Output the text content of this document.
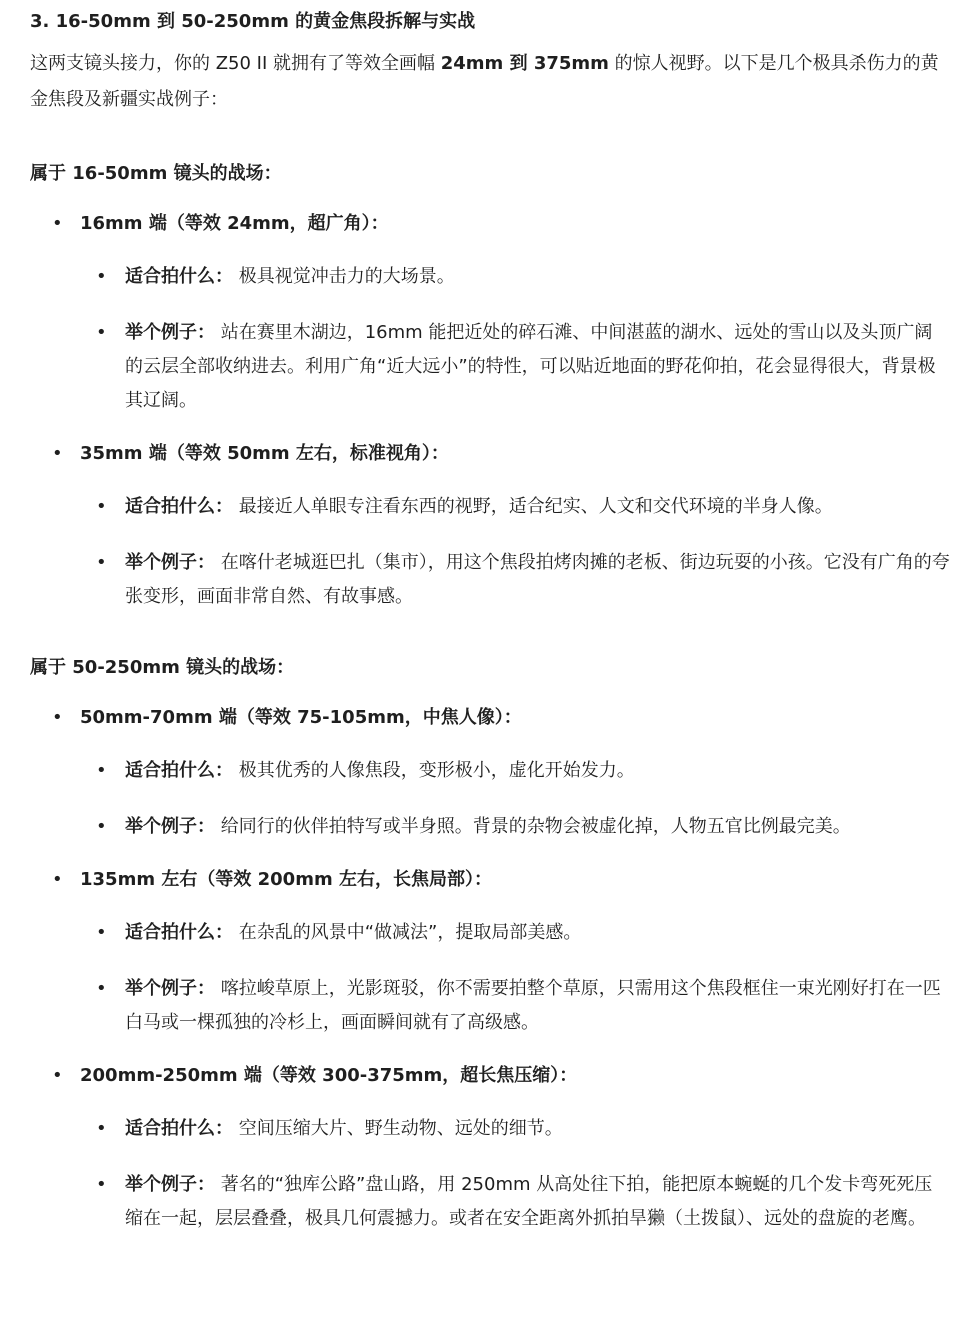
3. 16-50mm 到 50-250mm 的黄金焦段拆解与实战

这两支镜头接力，你的 Z50 II 就拥有了等效全画幅 24mm 到 375mm 的惊人视野。以下是几个极具杀伤力的黄金焦段及新疆实战例子：

属于 16-50mm 镜头的战场：
• 16mm 端（等效 24mm，超广角）：
• 适合拍什么： 极具视觉冲击力的大场景。
• 举个例子： 站在赛里木湖边，16mm 能把近处的碎石滩、中间湛蓝的湖水、远处的雪山以及头顶广阔的云层全部收纳进去。利用广角“近大远小”的特性，可以贴近地面的野花仰拍，花会显得很大，背景极其辽阔。
• 35mm 端（等效 50mm 左右，标准视角）：
• 适合拍什么： 最接近人单眼专注看东西的视野，适合纪实、人文和交代环境的半身人像。
• 举个例子： 在喀什老城逛巴扎（集市），用这个焦段拍烤肉摊的老板、街边玩耍的小孩。它没有广角的夸张变形，画面非常自然、有故事感。
属于 50-250mm 镜头的战场：
• 50mm-70mm 端（等效 75-105mm，中焦人像）：
• 适合拍什么： 极其优秀的人像焦段，变形极小，虚化开始发力。
• 举个例子： 给同行的伙伴拍特写或半身照。背景的杂物会被虚化掉，人物五官比例最完美。
• 135mm 左右（等效 200mm 左右，长焦局部）：
• 适合拍什么： 在杂乱的风景中“做减法”，提取局部美感。
• 举个例子： 喀拉峻草原上，光影斑驳，你不需要拍整个草原，只需用这个焦段框住一束光刚好打在一匹白马或一棵孤独的冷杉上，画面瞬间就有了高级感。
• 200mm-250mm 端（等效 300-375mm，超长焦压缩）：
• 适合拍什么： 空间压缩大片、野生动物、远处的细节。
• 举个例子： 著名的“独库公路”盘山路，用 250mm 从高处往下拍，能把原本蜿蜒的几个发卡弯死死压缩在一起，层层叠叠，极具几何震撼力。或者在安全距离外抓拍旱獭（土拨鼠）、远处的盘旋的老鹰。
